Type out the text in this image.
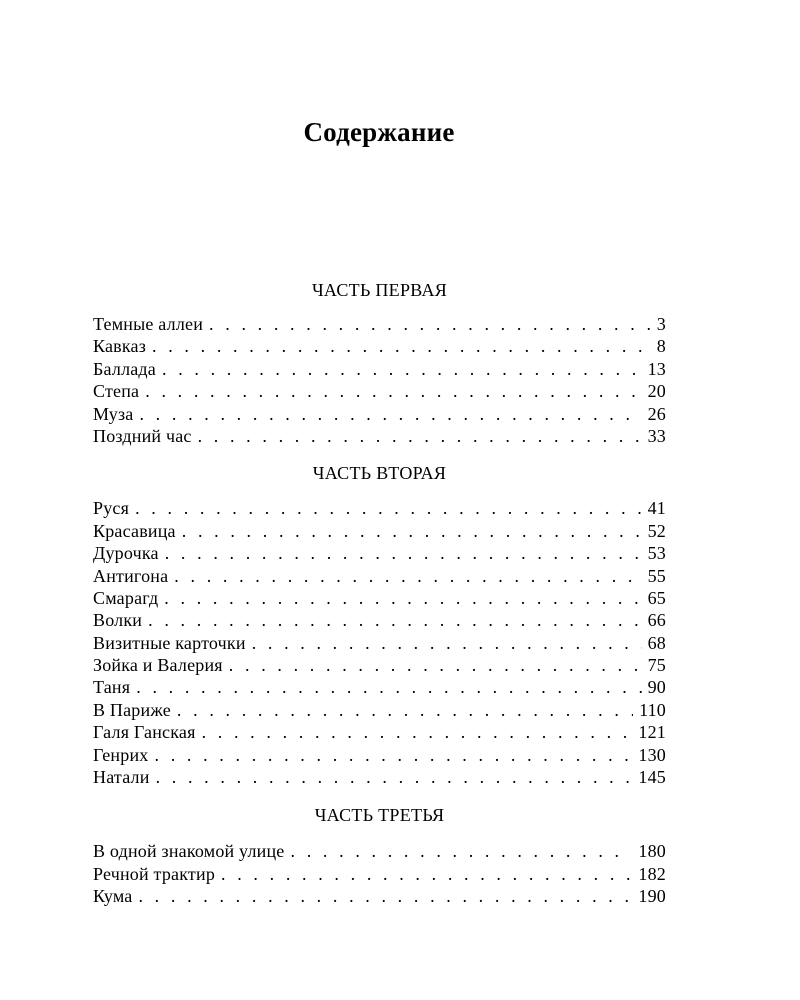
Содержание
ЧАСТЬ ПЕРВАЯ
Темные аллеи . . .	3
Кавказ . . .	8
Баллада . . .	13
Степа . . .	20
Муза . . .	26
Поздний час . . .	33
ЧАСТЬ ВТОРАЯ
Руся . . .	41
Красавица . . .	52
Дурочка . . .	53
Антигона . . .	55
Смарагд . . .	65
Волки . . .	66
Визитные карточки . . .	68
Зойка и Валерия . . .	75
Таня . . .	90
В Париже . . .	110
Галя Ганская . . .	121
Генрих . . .	130
Натали . . .	145
ЧАСТЬ ТРЕТЬЯ
В одной знакомой улице . . .	180
Речной трактир . . .	182
Кума . . .	190
